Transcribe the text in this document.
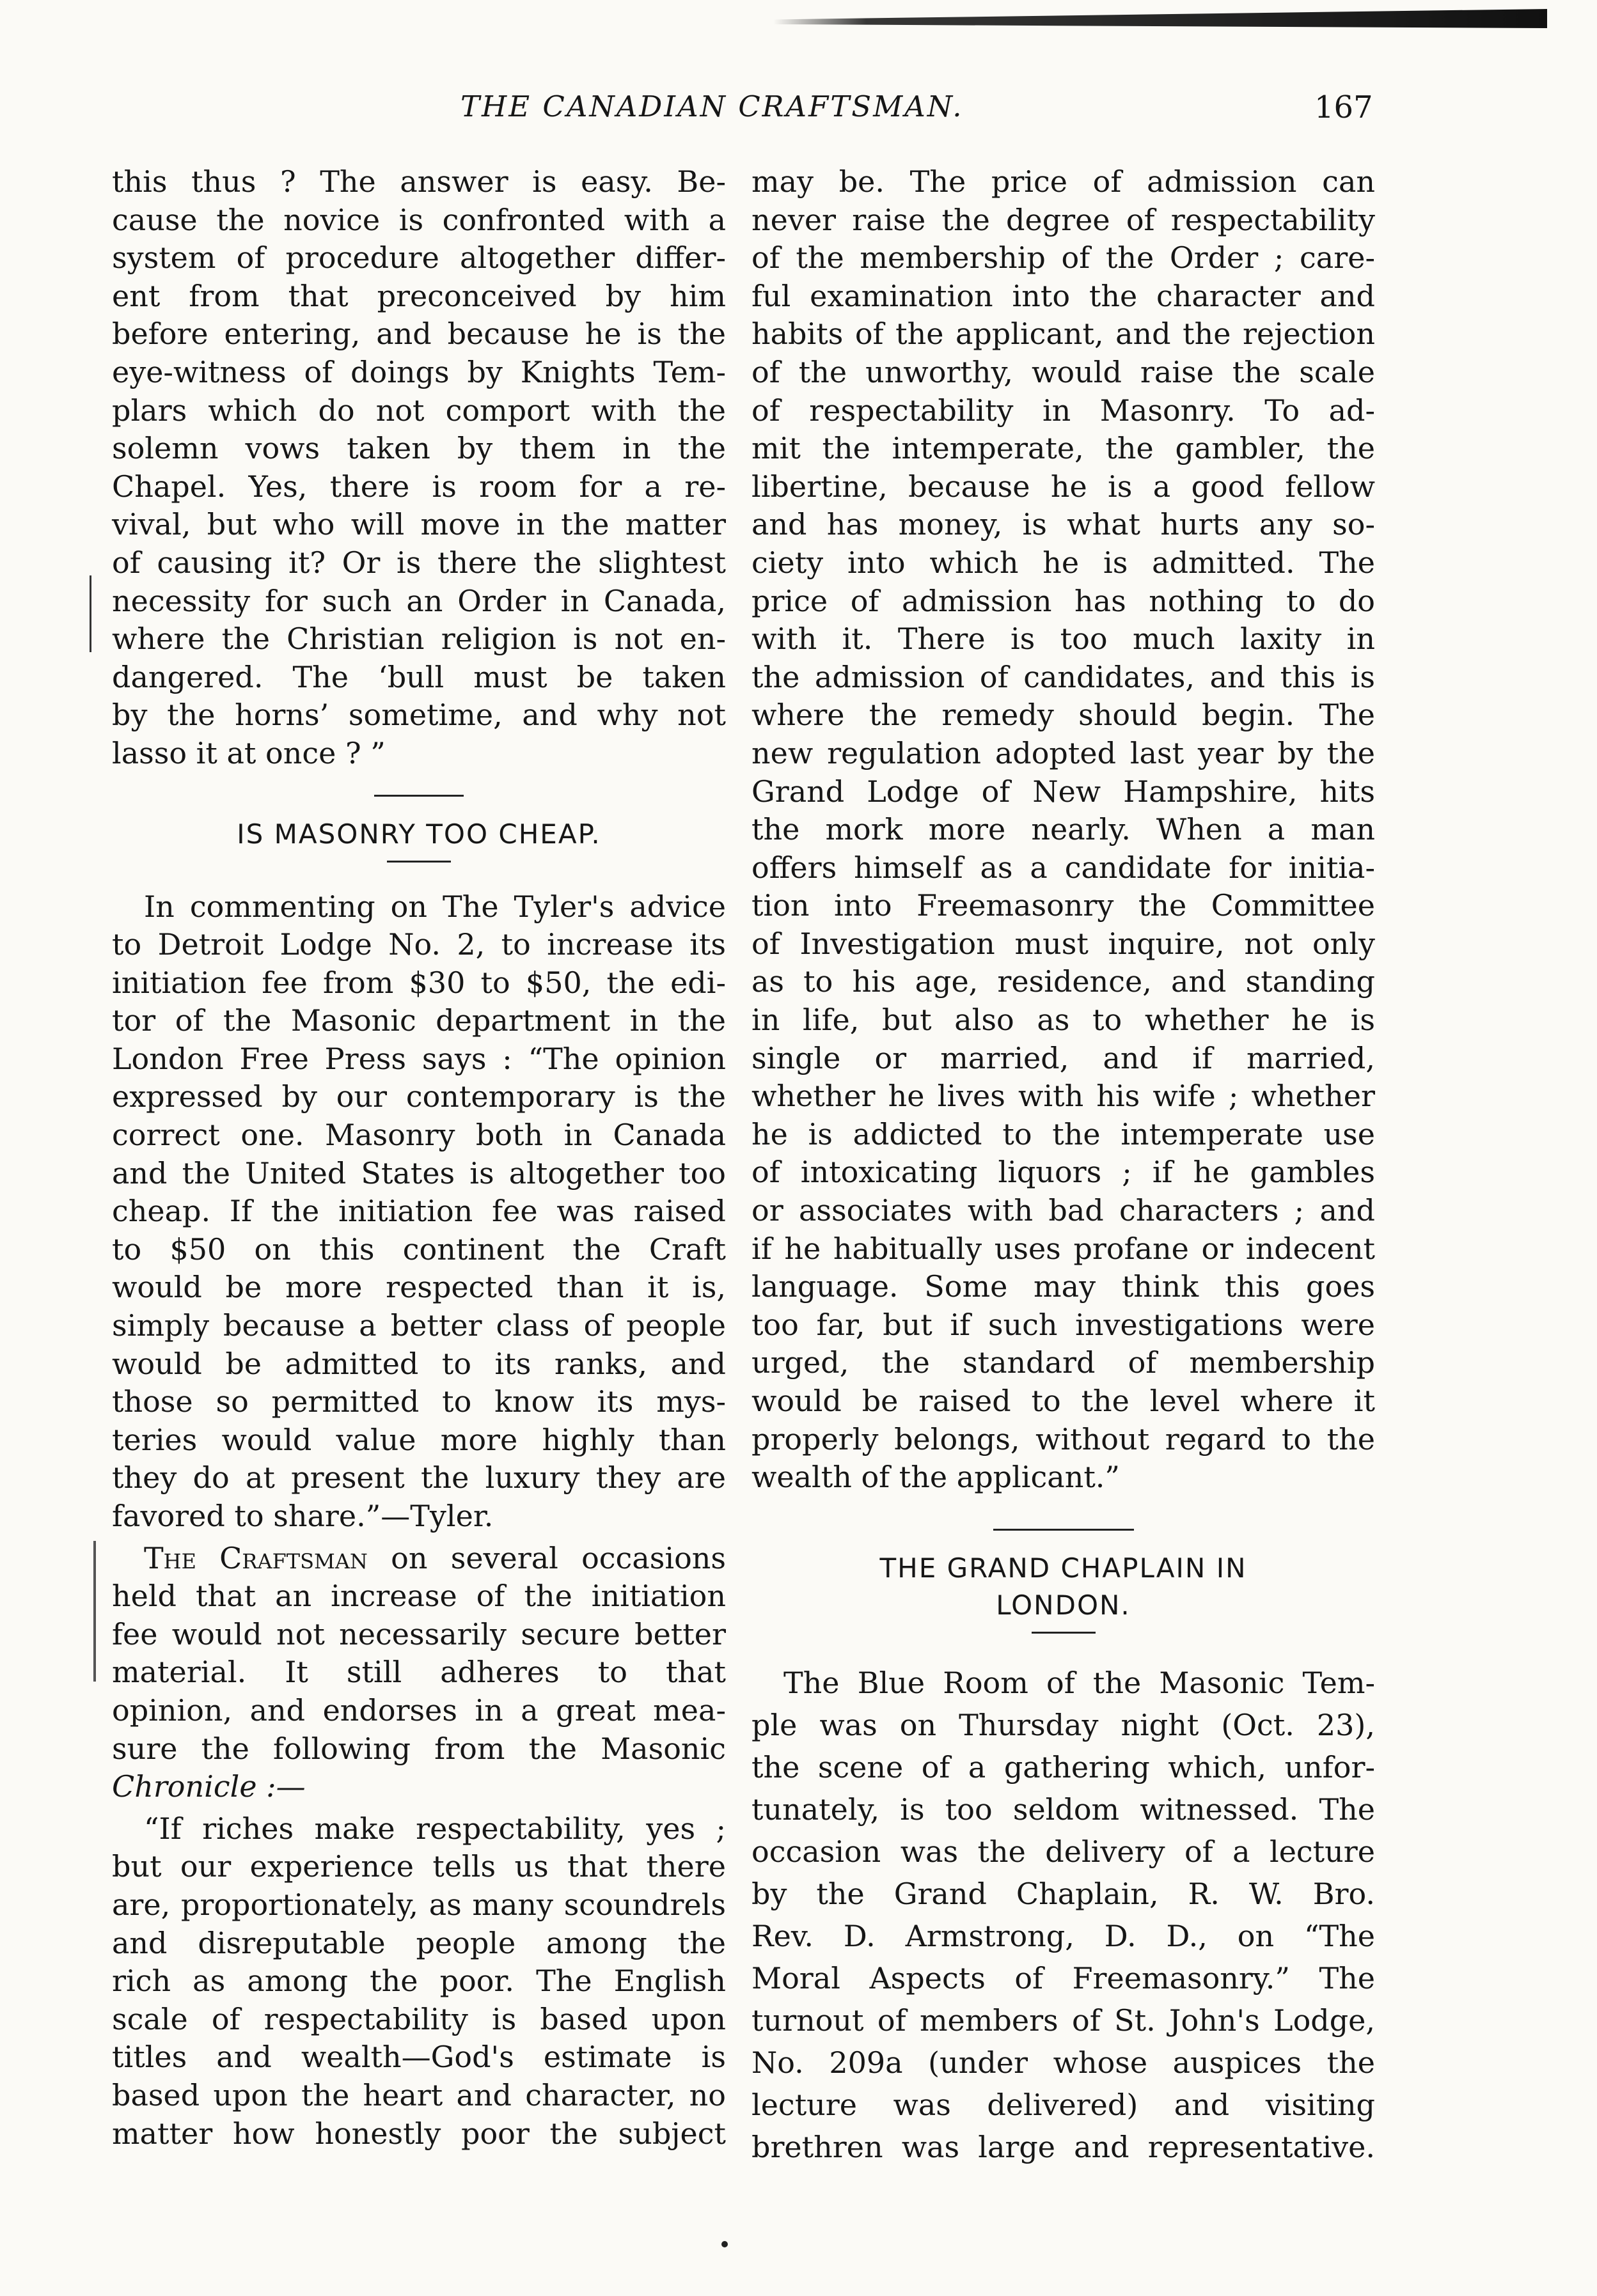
THE CANADIAN CRAFTSMAN.	167

this thus ? The answer is easy. Be-

cause the novice is confronted with a

system of procedure altogether differ-

ent from that preconceived by him

before entering, and because he is the

eye-witness of doings by Knights Tem-

plars which do not comport with the

solemn vows taken by them in the

Chapel. Yes, there is room for a re-

vival, but who will move in the matter

of causing it? Or is there the slightest

necessity for such an Order in Canada,

where the Christian religion is not en-

dangered. The ‘bull must be taken

by the horns’ sometime, and why not

lasso it at once ? ”

IS MASONRY TOO CHEAP.

In commenting on The Tyler's advice

to Detroit Lodge No. 2, to increase its

initiation fee from $30 to $50, the edi-

tor of the Masonic department in the

London Free Press says : “The opinion

expressed by our contemporary is the

correct one. Masonry both in Canada

and the United States is altogether too

cheap. If the initiation fee was raised

to $50 on this continent the Craft

would be more respected than it is,

simply because a better class of people

would be admitted to its ranks, and

those so permitted to know its mys-

teries would value more highly than

they do at present the luxury they are

favored to share.”—Tyler.

The Craftsman on several occasions

held that an increase of the initiation

fee would not necessarily secure better

material. It still adheres to that

opinion, and endorses in a great mea-

sure the following from the Masonic

Chronicle :—

“If riches make respectability, yes ;

but our experience tells us that there

are, proportionately, as many scoundrels

and disreputable people among the

rich as among the poor. The English

scale of respectability is based upon

titles and wealth—God's estimate is

based upon the heart and character, no

matter how honestly poor the subject

may be. The price of admission can

never raise the degree of respectability

of the membership of the Order ; care-

ful examination into the character and

habits of the applicant, and the rejection

of the unworthy, would raise the scale

of respectability in Masonry. To ad-

mit the intemperate, the gambler, the

libertine, because he is a good fellow

and has money, is what hurts any so-

ciety into which he is admitted. The

price of admission has nothing to do

with it. There is too much laxity in

the admission of candidates, and this is

where the remedy should begin. The

new regulation adopted last year by the

Grand Lodge of New Hampshire, hits

the mork more nearly. When a man

offers himself as a candidate for initia-

tion into Freemasonry the Committee

of Investigation must inquire, not only

as to his age, residence, and standing

in life, but also as to whether he is

single or married, and if married,

whether he lives with his wife ; whether

he is addicted to the intemperate use

of intoxicating liquors ; if he gambles

or associates with bad characters ; and

if he habitually uses profane or indecent

language. Some may think this goes

too far, but if such investigations were

urged, the standard of membership

would be raised to the level where it

properly belongs, without regard to the

wealth of the applicant.”

THE GRAND CHAPLAIN IN
LONDON.

The Blue Room of the Masonic Tem-

ple was on Thursday night (Oct. 23),

the scene of a gathering which, unfor-

tunately, is too seldom witnessed. The

occasion was the delivery of a lecture

by the Grand Chaplain, R. W. Bro.

Rev. D. Armstrong, D. D., on “The

Moral Aspects of Freemasonry.” The

turnout of members of St. John's Lodge,

No. 209a (under whose auspices the

lecture was delivered) and visiting

brethren was large and representative.
